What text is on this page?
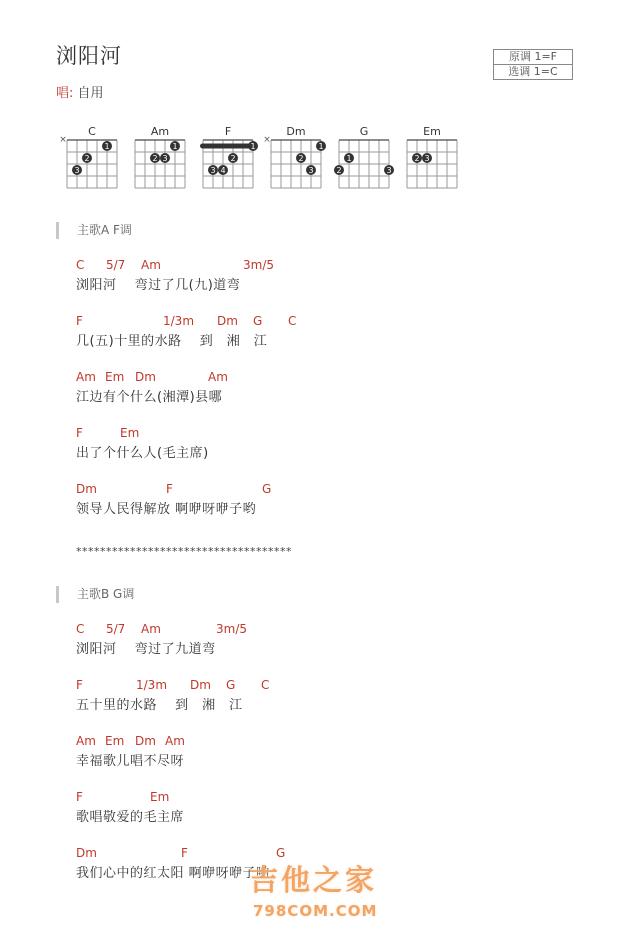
浏阳河
唱: 自用
原调 1=F
选调 1=C
C
×
1
2
3
Am
1
2 3
F
1
2
3 4
Dm
×
1
2
3
G
1
2	3
Em
2 3
主歌A F调
C 5/7 Am	3m/5
浏阳河　 弯过了几(九)道弯
F	1/3m Dm G C
几(五)十里的水路　 到　湘　江
Am Em Dm	Am
江边有个什么(湘潭)县哪
F	Em
出了个什么人(毛主席)
Dm	F	G
领导人民得解放 啊咿呀咿子哟
************************************
主歌B G调
C 5/7 Am	3m/5
浏阳河　 弯过了九道弯
F	1/3m Dm G C
五十里的水路　 到　湘　江
Am Em Dm Am
幸福歌儿唱不尽呀
F	Em
歌唱敬爱的毛主席
Dm	F	G
我们心中的红太阳 啊咿呀咿子哟
吉他之家
798COM.COM
